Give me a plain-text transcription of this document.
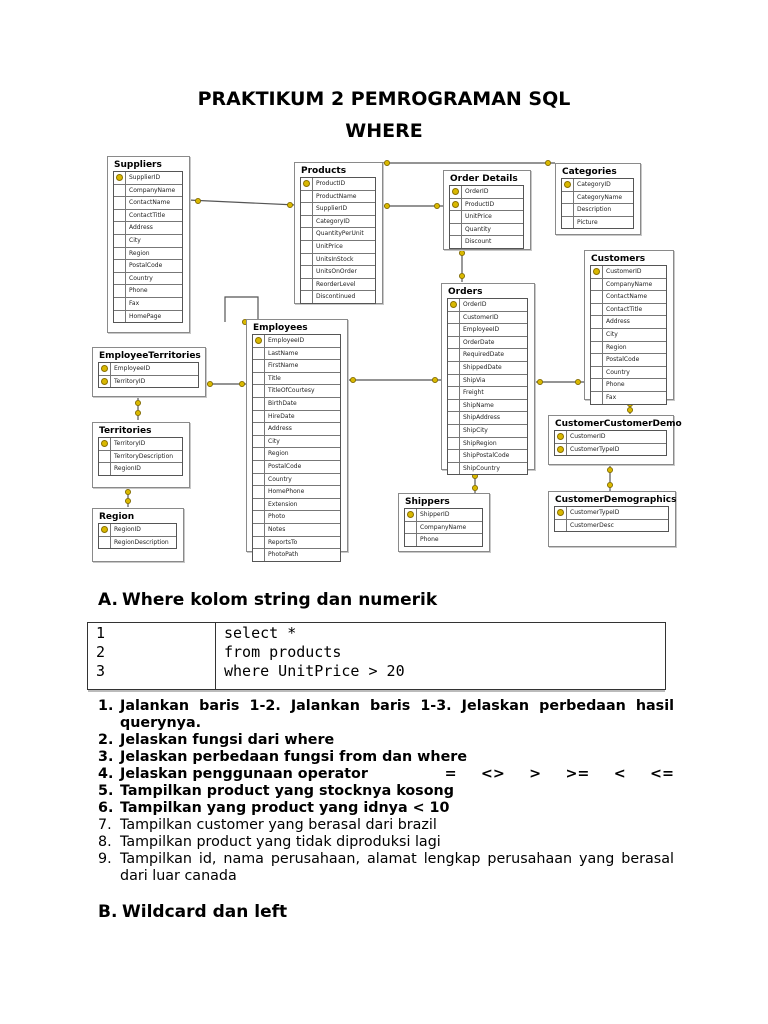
PRAKTIKUM 2 PEMROGRAMAN SQL
WHERE
Suppliers
SupplierID
CompanyName
ContactName
ContactTitle
Address
City
Region
PostalCode
Country
Phone
Fax
HomePage
Products
ProductID
ProductName
SupplierID
CategoryID
QuantityPerUnit
UnitPrice
UnitsInStock
UnitsOnOrder
ReorderLevel
Discontinued
Order Details
OrderID
ProductID
UnitPrice
Quantity
Discount
Categories
CategoryID
CategoryName
Description
Picture
Customers
CustomerID
CompanyName
ContactName
ContactTitle
Address
City
Region
PostalCode
Country
Phone
Fax
Orders
OrderID
CustomerID
EmployeeID
OrderDate
RequiredDate
ShippedDate
ShipVia
Freight
ShipName
ShipAddress
ShipCity
ShipRegion
ShipPostalCode
ShipCountry
Employees
EmployeeID
LastName
FirstName
Title
TitleOfCourtesy
BirthDate
HireDate
Address
City
Region
PostalCode
Country
HomePhone
Extension
Photo
Notes
ReportsTo
PhotoPath
EmployeeTerritories
EmployeeID
TerritoryID
Territories
TerritoryID
TerritoryDescription
RegionID
Region
RegionID
RegionDescription
Shippers
ShipperID
CompanyName
Phone
CustomerCustomerDemo
CustomerID
CustomerTypeID
CustomerDemographics
CustomerTypeID
CustomerDesc
A. Where kolom string dan numerik
1
2
3
select *
from products
where UnitPrice > 20
1. Jalankan baris 1-2. Jalankan baris 1-3. Jelaskan perbedaan hasil querynya.
2. Jelaskan fungsi dari where
3. Jelaskan perbedaan fungsi from dan where
4. Jelaskan penggunaan operator	= <> > >= < <=
5. Tampilkan product yang stocknya kosong
6. Tampilkan yang product yang idnya < 10
7. Tampilkan customer yang berasal dari brazil
8. Tampilkan product yang tidak diproduksi lagi
9. Tampilkan id, nama perusahaan, alamat lengkap perusahaan yang berasal dari luar canada
B. Wildcard dan left
